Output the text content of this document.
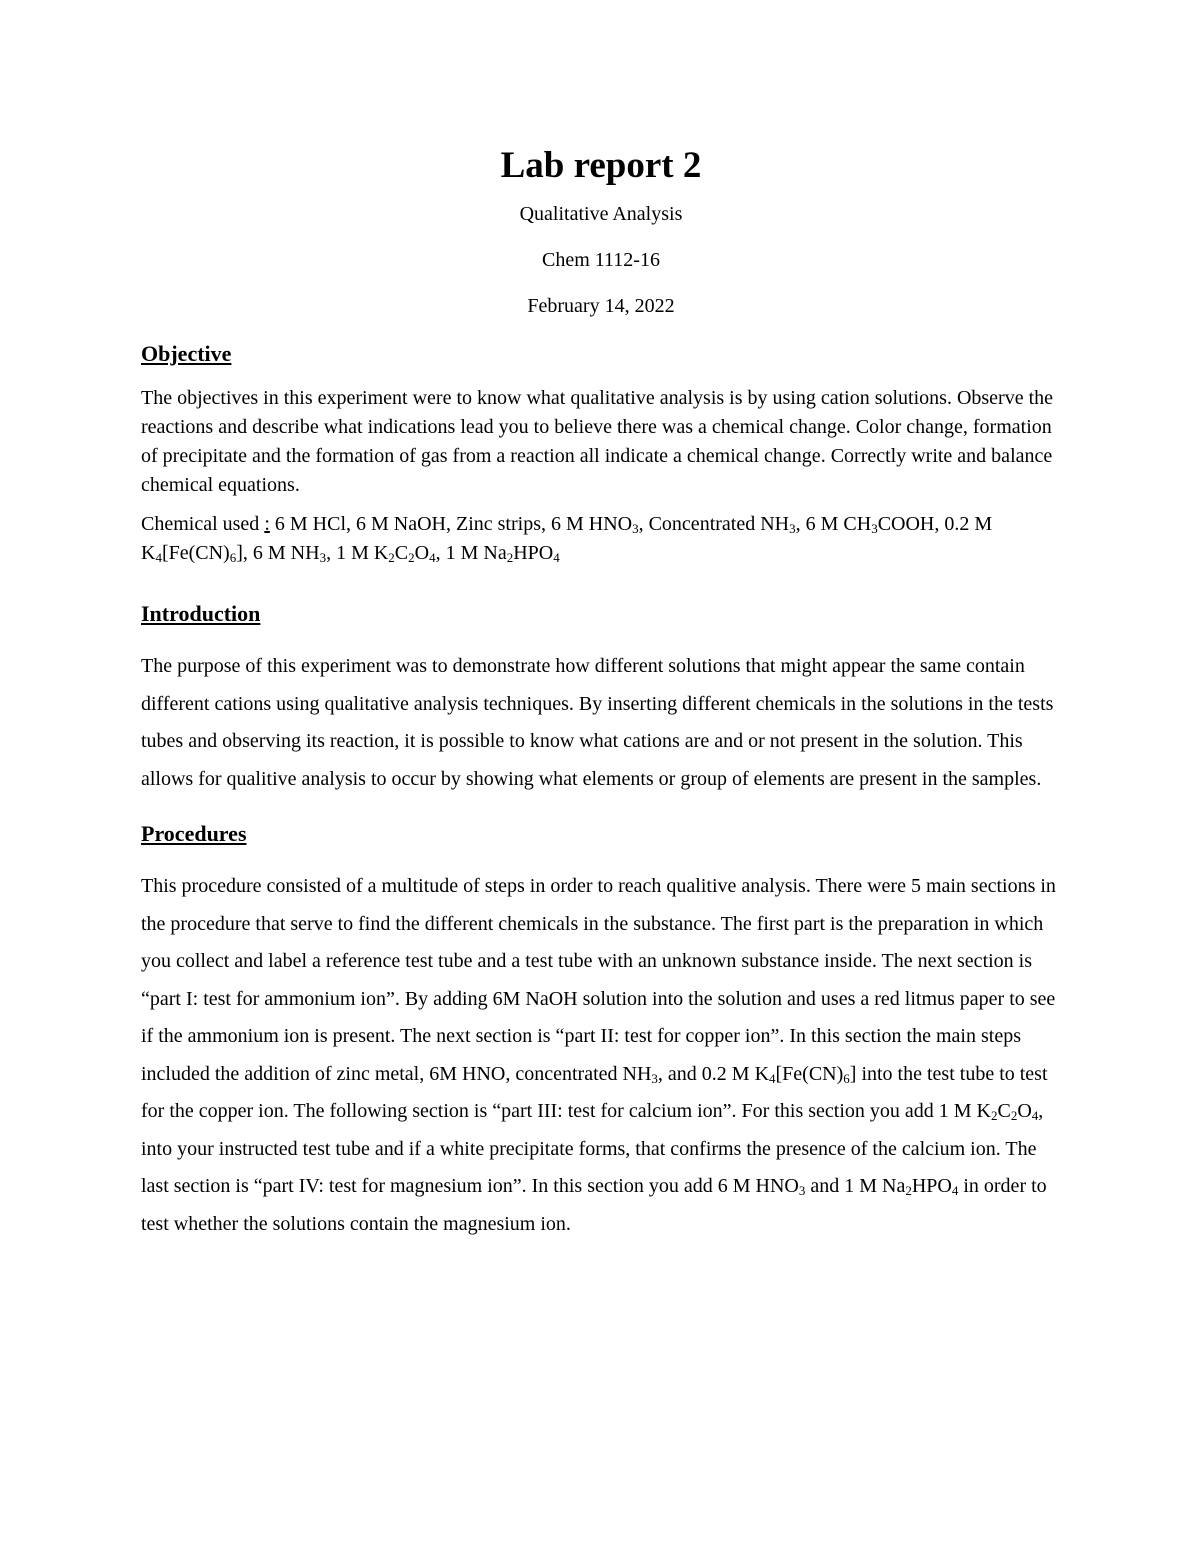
Lab report 2

Qualitative Analysis

Chem 1112-16

February 14, 2022

Objective

The objectives in this experiment were to know what qualitative analysis is by using cation solutions. Observe the reactions and describe what indications lead you to believe there was a chemical change. Color change, formation of precipitate and the formation of gas from a reaction all indicate a chemical change. Correctly write and balance chemical equations.

Chemical used : 6 M HCl, 6 M NaOH, Zinc strips, 6 M $HNO_3$, Concentrated $NH_3$, 6 M $CH_3COOH$, 0.2 M $K_4[Fe(CN)_6]$, 6 M $NH_3$, 1 M $K_2C_2O_4$, 1 M $Na_2HPO_4$

Introduction

The purpose of this experiment was to demonstrate how different solutions that might appear the same contain different cations using qualitative analysis techniques. By inserting different chemicals in the solutions in the tests tubes and observing its reaction, it is possible to know what cations are and or not present in the solution. This allows for qualitive analysis to occur by showing what elements or group of elements are present in the samples.

Procedures

This procedure consisted of a multitude of steps in order to reach qualitive analysis. There were 5 main sections in the procedure that serve to find the different chemicals in the substance. The first part is the preparation in which you collect and label a reference test tube and a test tube with an unknown substance inside. The next section is “part I: test for ammonium ion”. By adding 6M NaOH solution into the solution and uses a red litmus paper to see if the ammonium ion is present. The next section is “part II: test for copper ion”. In this section the main steps included the addition of zinc metal, 6M HNO, concentrated $NH_3$, and 0.2 M $K_4[Fe(CN)_6]$ into the test tube to test for the copper ion. The following section is “part III: test for calcium ion”. For this section you add 1 M $K_2C_2O_4$, into your instructed test tube and if a white precipitate forms, that confirms the presence of the calcium ion. The last section is “part IV: test for magnesium ion”. In this section you add 6 M $HNO_3$ and 1 M $Na_2HPO_4$ in order to test whether the solutions contain the magnesium ion.
